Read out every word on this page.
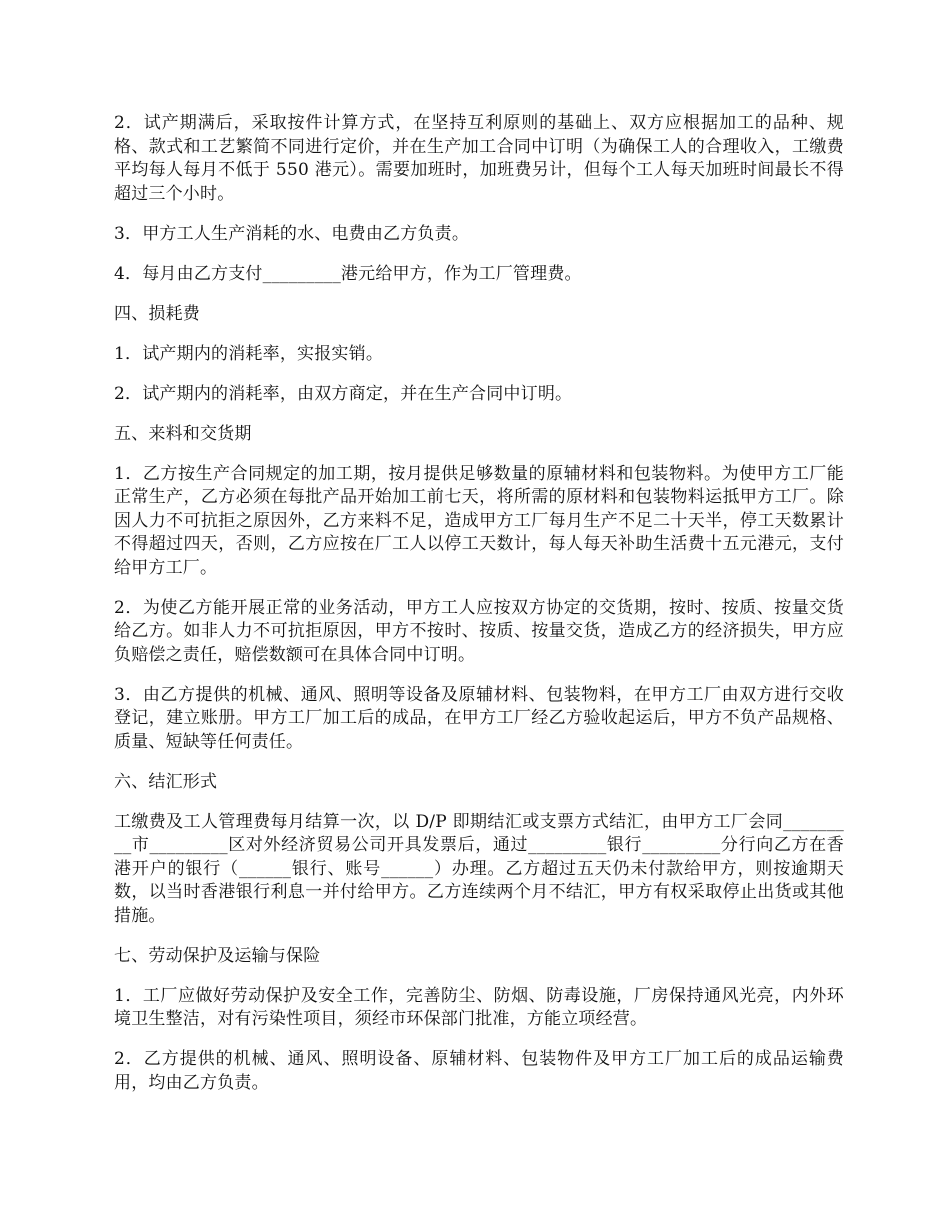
2．试产期满后，采取按件计算方式，在坚持互利原则的基础上、双方应根据加工的品种、规格、款式和工艺繁简不同进行定价，并在生产加工合同中订明（为确保工人的合理收入，工缴费平均每人每月不低于 550 港元）。需要加班时，加班费另计，但每个工人每天加班时间最长不得超过三个小时。

3．甲方工人生产消耗的水、电费由乙方负责。

4．每月由乙方支付_________港元给甲方，作为工厂管理费。

四、损耗费

1．试产期内的消耗率，实报实销。

2．试产期内的消耗率，由双方商定，并在生产合同中订明。

五、来料和交货期

1．乙方按生产合同规定的加工期，按月提供足够数量的原辅材料和包装物料。为使甲方工厂能正常生产，乙方必须在每批产品开始加工前七天，将所需的原材料和包装物料运抵甲方工厂。除因人力不可抗拒之原因外，乙方来料不足，造成甲方工厂每月生产不足二十天半，停工天数累计不得超过四天，否则，乙方应按在厂工人以停工天数计，每人每天补助生活费十五元港元，支付给甲方工厂。

2．为使乙方能开展正常的业务活动，甲方工人应按双方协定的交货期，按时、按质、按量交货给乙方。如非人力不可抗拒原因，甲方不按时、按质、按量交货，造成乙方的经济损失，甲方应负赔偿之责任，赔偿数额可在具体合同中订明。

3．由乙方提供的机械、通风、照明等设备及原辅材料、包装物料，在甲方工厂由双方进行交收登记，建立账册。甲方工厂加工后的成品，在甲方工厂经乙方验收起运后，甲方不负产品规格、质量、短缺等任何责任。

六、结汇形式

工缴费及工人管理费每月结算一次，以 D/P 即期结汇或支票方式结汇，由甲方工厂会同_________市_________区对外经济贸易公司开具发票后，通过_________银行_________分行向乙方在香港开户的银行（______银行、账号______）办理。乙方超过五天仍未付款给甲方，则按逾期天数，以当时香港银行利息一并付给甲方。乙方连续两个月不结汇，甲方有权采取停止出货或其他措施。

七、劳动保护及运输与保险

1．工厂应做好劳动保护及安全工作，完善防尘、防烟、防毒设施，厂房保持通风光亮，内外环境卫生整洁，对有污染性项目，须经市环保部门批准，方能立项经营。

2．乙方提供的机械、通风、照明设备、原辅材料、包装物件及甲方工厂加工后的成品运输费用，均由乙方负责。
